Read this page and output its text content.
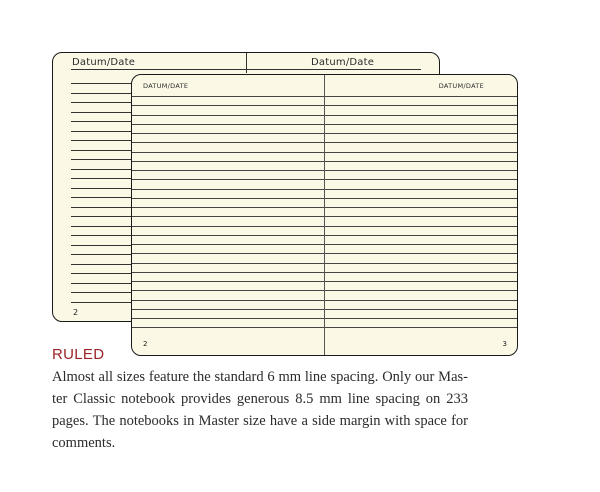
Datum/Date	Datum/Date
2
DATUM/DATE	DATUM/DATE
2	3
RULED

Almost all sizes feature the standard 6 mm line spacing. Only our Master Classic notebook provides generous 8.5 mm line spacing on 233 pages. The notebooks in Master size have a side margin with space for comments.
